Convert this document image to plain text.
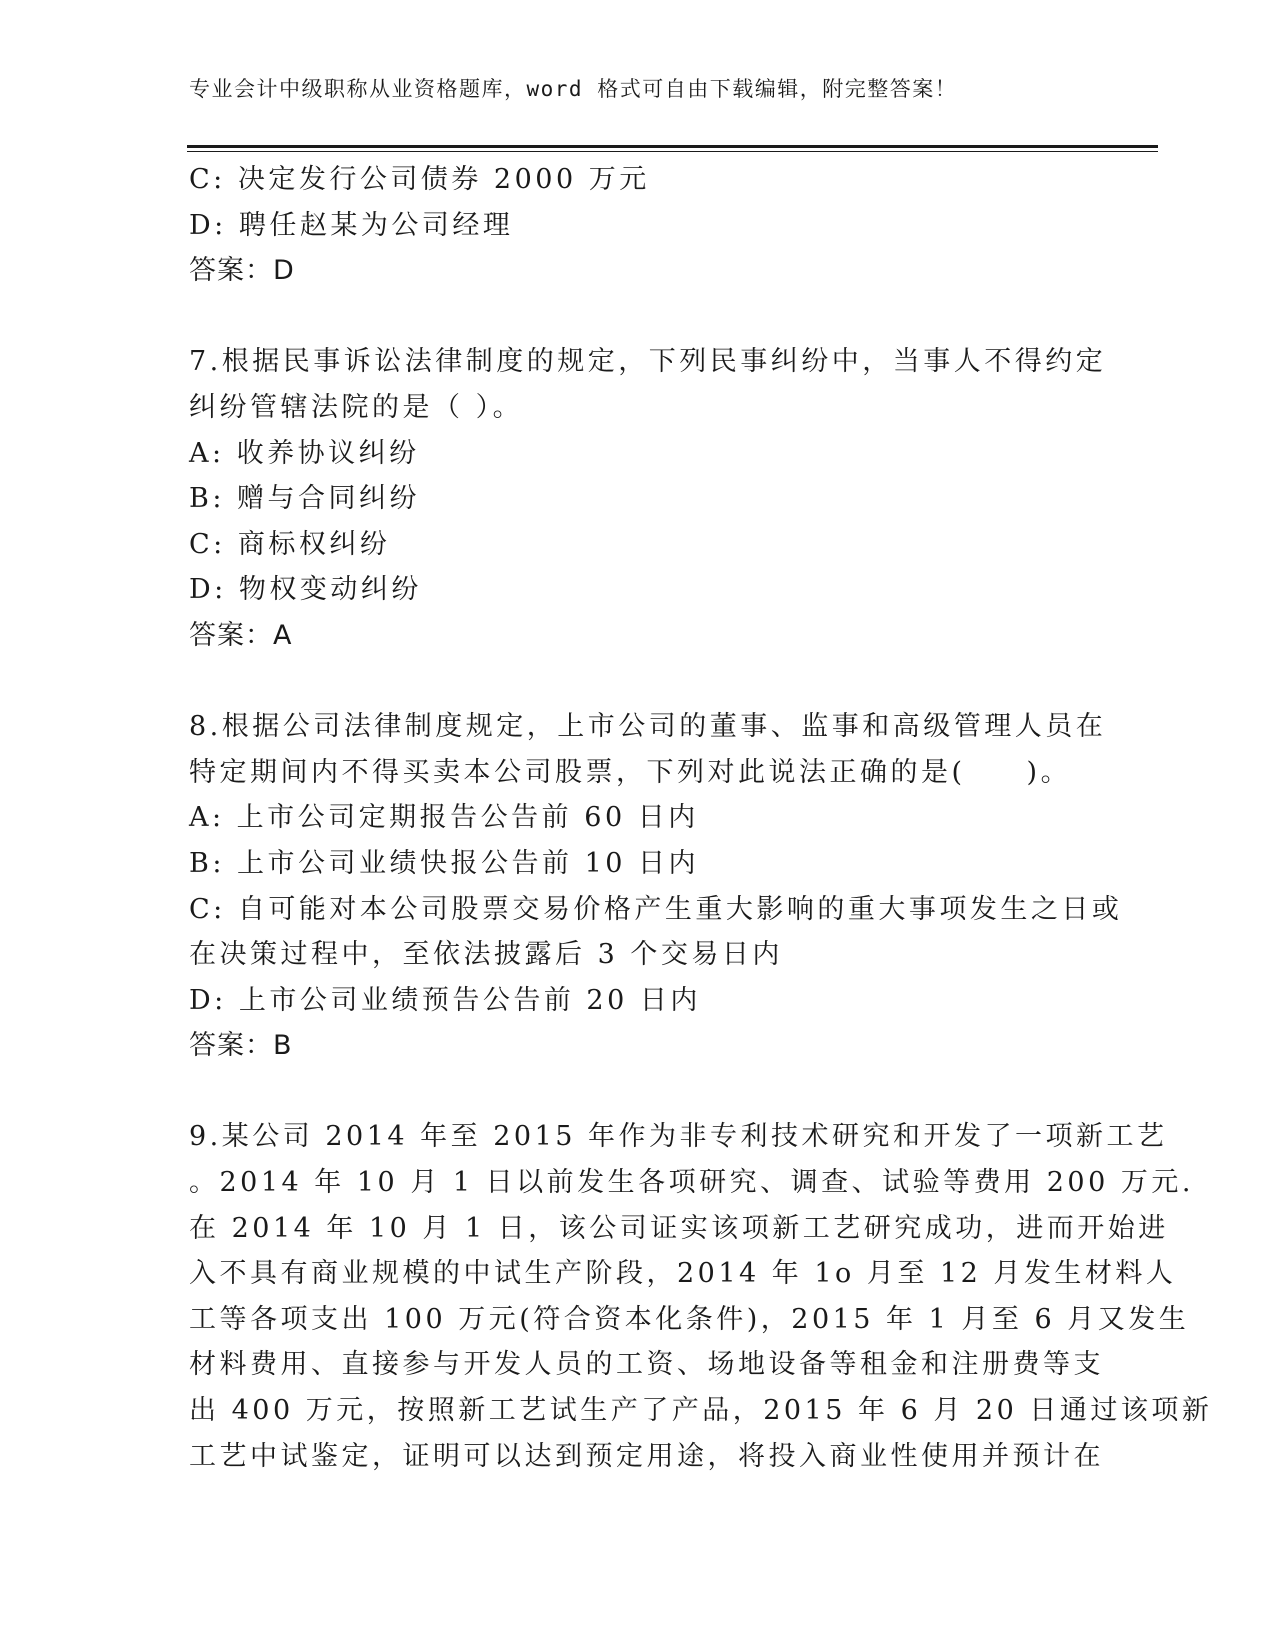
专业会计中级职称从业资格题库，word 格式可自由下载编辑，附完整答案！
C: 决定发行公司债券 2000 万元
D: 聘任赵某为公司经理
答案：D
7.根据民事诉讼法律制度的规定，下列民事纠纷中，当事人不得约定
纠纷管辖法院的是（ ）。
A: 收养协议纠纷
B: 赠与合同纠纷
C: 商标权纠纷
D: 物权变动纠纷
答案：A
8.根据公司法律制度规定，上市公司的董事、监事和高级管理人员在
特定期间内不得买卖本公司股票，下列对此说法正确的是(　　)。
A: 上市公司定期报告公告前 60 日内
B: 上市公司业绩快报公告前 10 日内
C: 自可能对本公司股票交易价格产生重大影响的重大事项发生之日或
在决策过程中，至依法披露后 3 个交易日内
D: 上市公司业绩预告公告前 20 日内
答案：B
9.某公司 2014 年至 2015 年作为非专利技术研究和开发了一项新工艺
。2014 年 10 月 1 日以前发生各项研究、调查、试验等费用 200 万元.
在 2014 年 10 月 1 日，该公司证实该项新工艺研究成功，进而开始进
入不具有商业规模的中试生产阶段，2014 年 1o 月至 12 月发生材料人
工等各项支出 100 万元(符合资本化条件)，2015 年 1 月至 6 月又发生
材料费用、直接参与开发人员的工资、场地设备等租金和注册费等支
出 400 万元，按照新工艺试生产了产品，2015 年 6 月 20 日通过该项新
工艺中试鉴定，证明可以达到预定用途，将投入商业性使用并预计在
